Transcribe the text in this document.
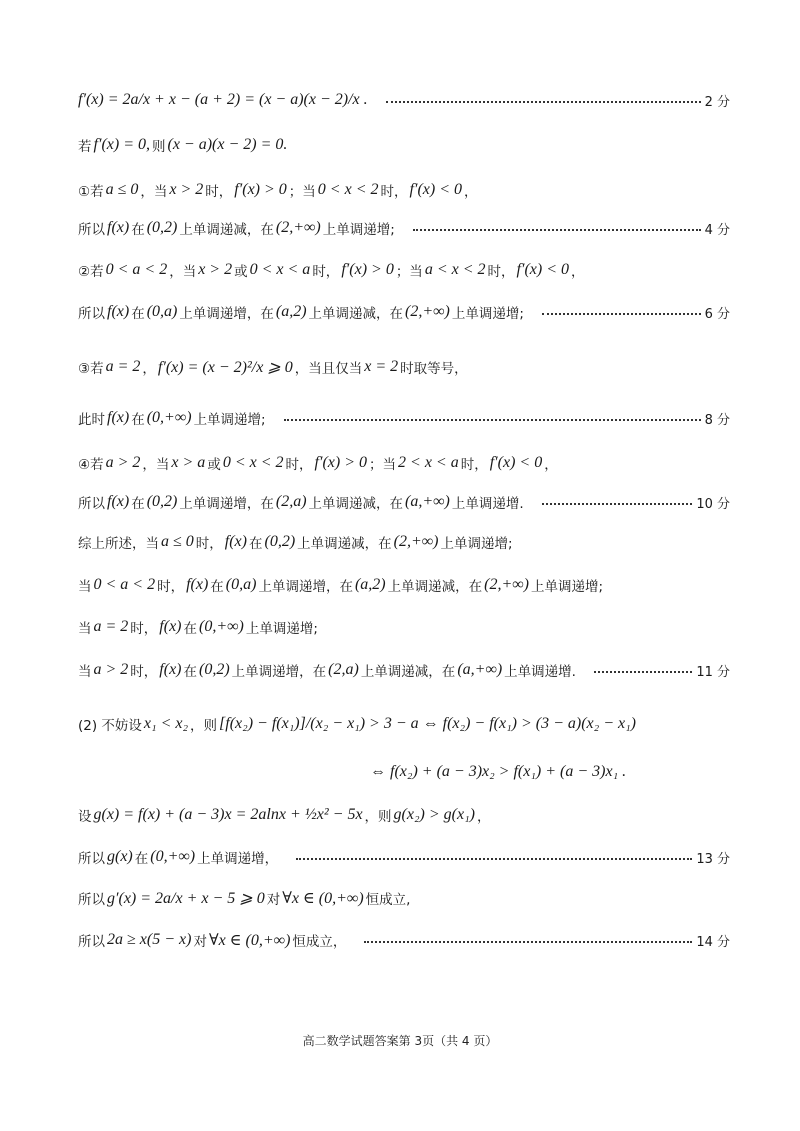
f′(x) = 2a/x + x − (a + 2) = (x − a)(x − 2)/x .	2 分
若 f′(x) = 0, 则 (x − a)(x − 2) = 0.
①若 a ≤ 0 ，当 x > 2 时， f′(x) > 0 ；当 0 < x < 2 时， f′(x) < 0 ，
所以 f(x) 在 (0,2) 上单调递减，在 (2,+∞) 上单调递增;	4 分
②若 0 < a < 2 ，当 x > 2 或 0 < x < a 时， f′(x) > 0 ；当 a < x < 2 时， f′(x) < 0 ，
所以 f(x) 在 (0,a) 上单调递增，在 (a,2) 上单调递减，在 (2,+∞) 上单调递增;	6 分
③若 a = 2 ， f′(x) = (x − 2)²/x ⩾ 0 ，当且仅当 x = 2 时取等号，
此时 f(x) 在 (0,+∞) 上单调递增;	8 分
④若 a > 2 ，当 x > a 或 0 < x < 2 时， f′(x) > 0 ；当 2 < x < a 时， f′(x) < 0 ，
所以 f(x) 在 (0,2) 上单调递增，在 (2,a) 上单调递减，在 (a,+∞) 上单调递增.	10 分
综上所述，当 a ≤ 0 时， f(x) 在 (0,2) 上单调递减，在 (2,+∞) 上单调递增;
当 0 < a < 2 时， f(x) 在 (0,a) 上单调递增，在 (a,2) 上单调递减，在 (2,+∞) 上单调递增;
当 a = 2 时， f(x) 在 (0,+∞) 上单调递增;
当 a > 2 时， f(x) 在 (0,2) 上单调递增，在 (2,a) 上单调递减，在 (a,+∞) 上单调递增.	11 分
(2) 不妨设 x₁ < x₂ ，则 [f(x₂) − f(x₁)]/(x₂ − x₁) > 3 − a ⇔ f(x₂) − f(x₁) > (3 − a)(x₂ − x₁)
⇔ f(x₂) + (a − 3)x₂ > f(x₁) + (a − 3)x₁ .
设 g(x) = f(x) + (a − 3)x = 2alnx + ½x² − 5x ，则 g(x₂) > g(x₁) ，
所以 g(x) 在 (0,+∞) 上单调递增，	13 分
所以 g′(x) = 2a/x + x − 5 ⩾ 0 对 ∀x ∈ (0,+∞) 恒成立,
所以 2a ≥ x(5 − x) 对 ∀x ∈ (0,+∞) 恒成立，	14 分
高二数学试题答案第 3页（共 4 页）
